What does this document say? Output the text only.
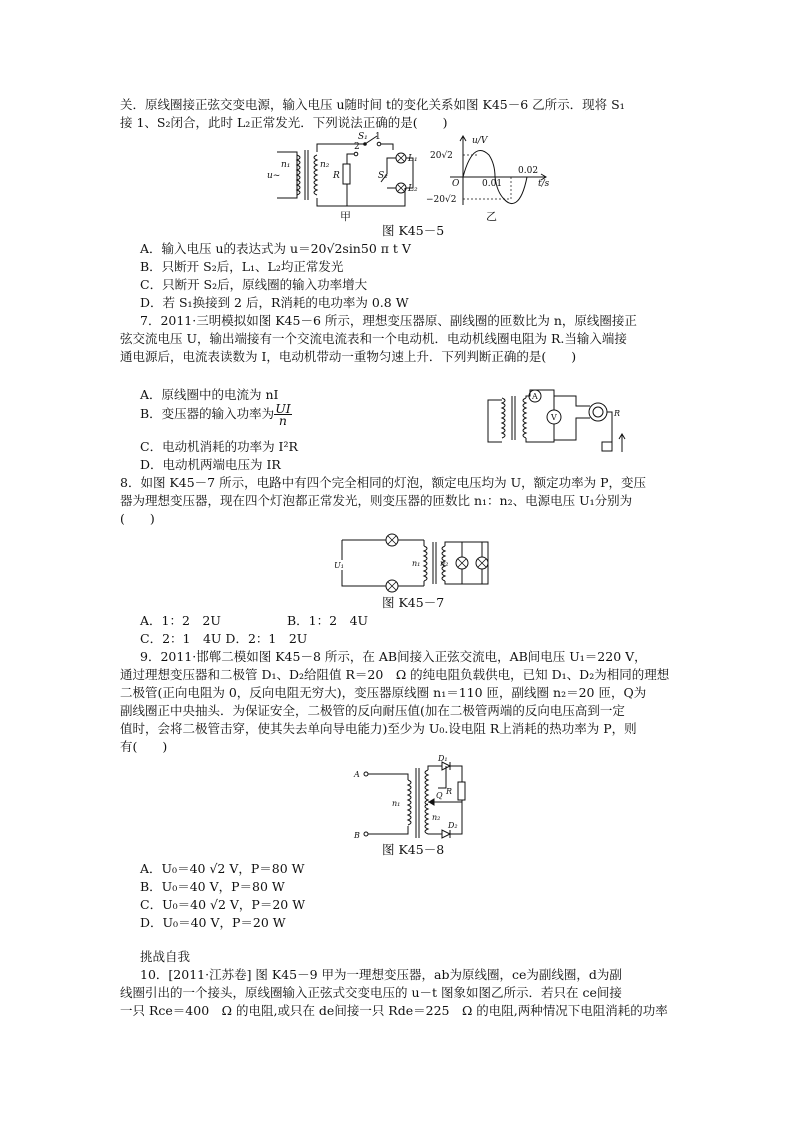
关．原线圈接正弦交变电源，输入电压 u随时间 t的变化关系如图 K45－6 乙所示．现将 S₁
接 1、S₂闭合，此时 L₂正常发光．下列说法正确的是(　　)
n₁	n₂
u~	R
S₁
S₂
L₁
L₂
1
2
甲
u/V
20√2
−20√2
O	0.01
0.02
t/s
乙
图 K45－5
A．输入电压 u的表达式为 u＝20√2sin50 π t V
B．只断开 S₂后，L₁、L₂均正常发光
C．只断开 S₂后，原线圈的输入功率增大
D．若 S₁换接到 2 后，R消耗的电功率为 0.8 W
7．2011·三明模拟如图 K45－6 所示，理想变压器原、副线圈的匝数比为 n，原线圈接正
弦交流电压 U，输出端接有一个交流电流表和一个电动机．电动机线圈电阻为 R.当输入端接
通电源后，电流表读数为 I，电动机带动一重物匀速上升．下列判断正确的是(　　)
A．原线圈中的电流为 nI
B．变压器的输入功率为 $\frac{UI}{n}$
C．电动机消耗的功率为 I²R
D．电动机两端电压为 IR
V
A
R
8．如图 K45－7 所示，电路中有四个完全相同的灯泡，额定电压均为 U，额定功率为 P，变压
器为理想变压器，现在四个灯泡都正常发光，则变压器的匝数比 n₁：n₂、电源电压 U₁分别为
(　　)
U₁	n₁ n₂
图 K45－7
A．1：2　2U	B．1：2　4U
C．2：1　4U D．2：1　2U
9．2011·邯郸二模如图 K45－8 所示，在 AB间接入正弦交流电，AB间电压 U₁＝220 V，
通过理想变压器和二极管 D₁、D₂给阻值 R＝20　Ω 的纯电阻负载供电，已知 D₁、D₂为相同的理想
二极管(正向电阻为 0，反向电阻无穷大)，变压器原线圈 n₁＝110 匝，副线圈 n₂＝20 匝，Q为
副线圈正中央抽头．为保证安全，二极管的反向耐压值(加在二极管两端的反向电压高到一定
值时，会将二极管击穿，使其失去单向导电能力)至少为 U₀.设电阻 R上消耗的热功率为 P，则
有(　　)
A
B
n₁
n₂
Q R
D₁
D₂
图 K45－8
A．U₀＝40 √2 V，P＝80 W
B．U₀＝40 V，P＝80 W
C．U₀＝40 √2 V，P＝20 W
D．U₀＝40 V，P＝20 W
挑战自我
10．[2011·江苏卷] 图 K45－9 甲为一理想变压器，ab为原线圈，ce为副线圈，d为副
线圈引出的一个接头，原线圈输入正弦式交变电压的 u－t 图象如图乙所示．若只在 ce间接
一只 Rce＝400　Ω 的电阻,或只在 de间接一只 Rde＝225　Ω 的电阻,两种情况下电阻消耗的功率
